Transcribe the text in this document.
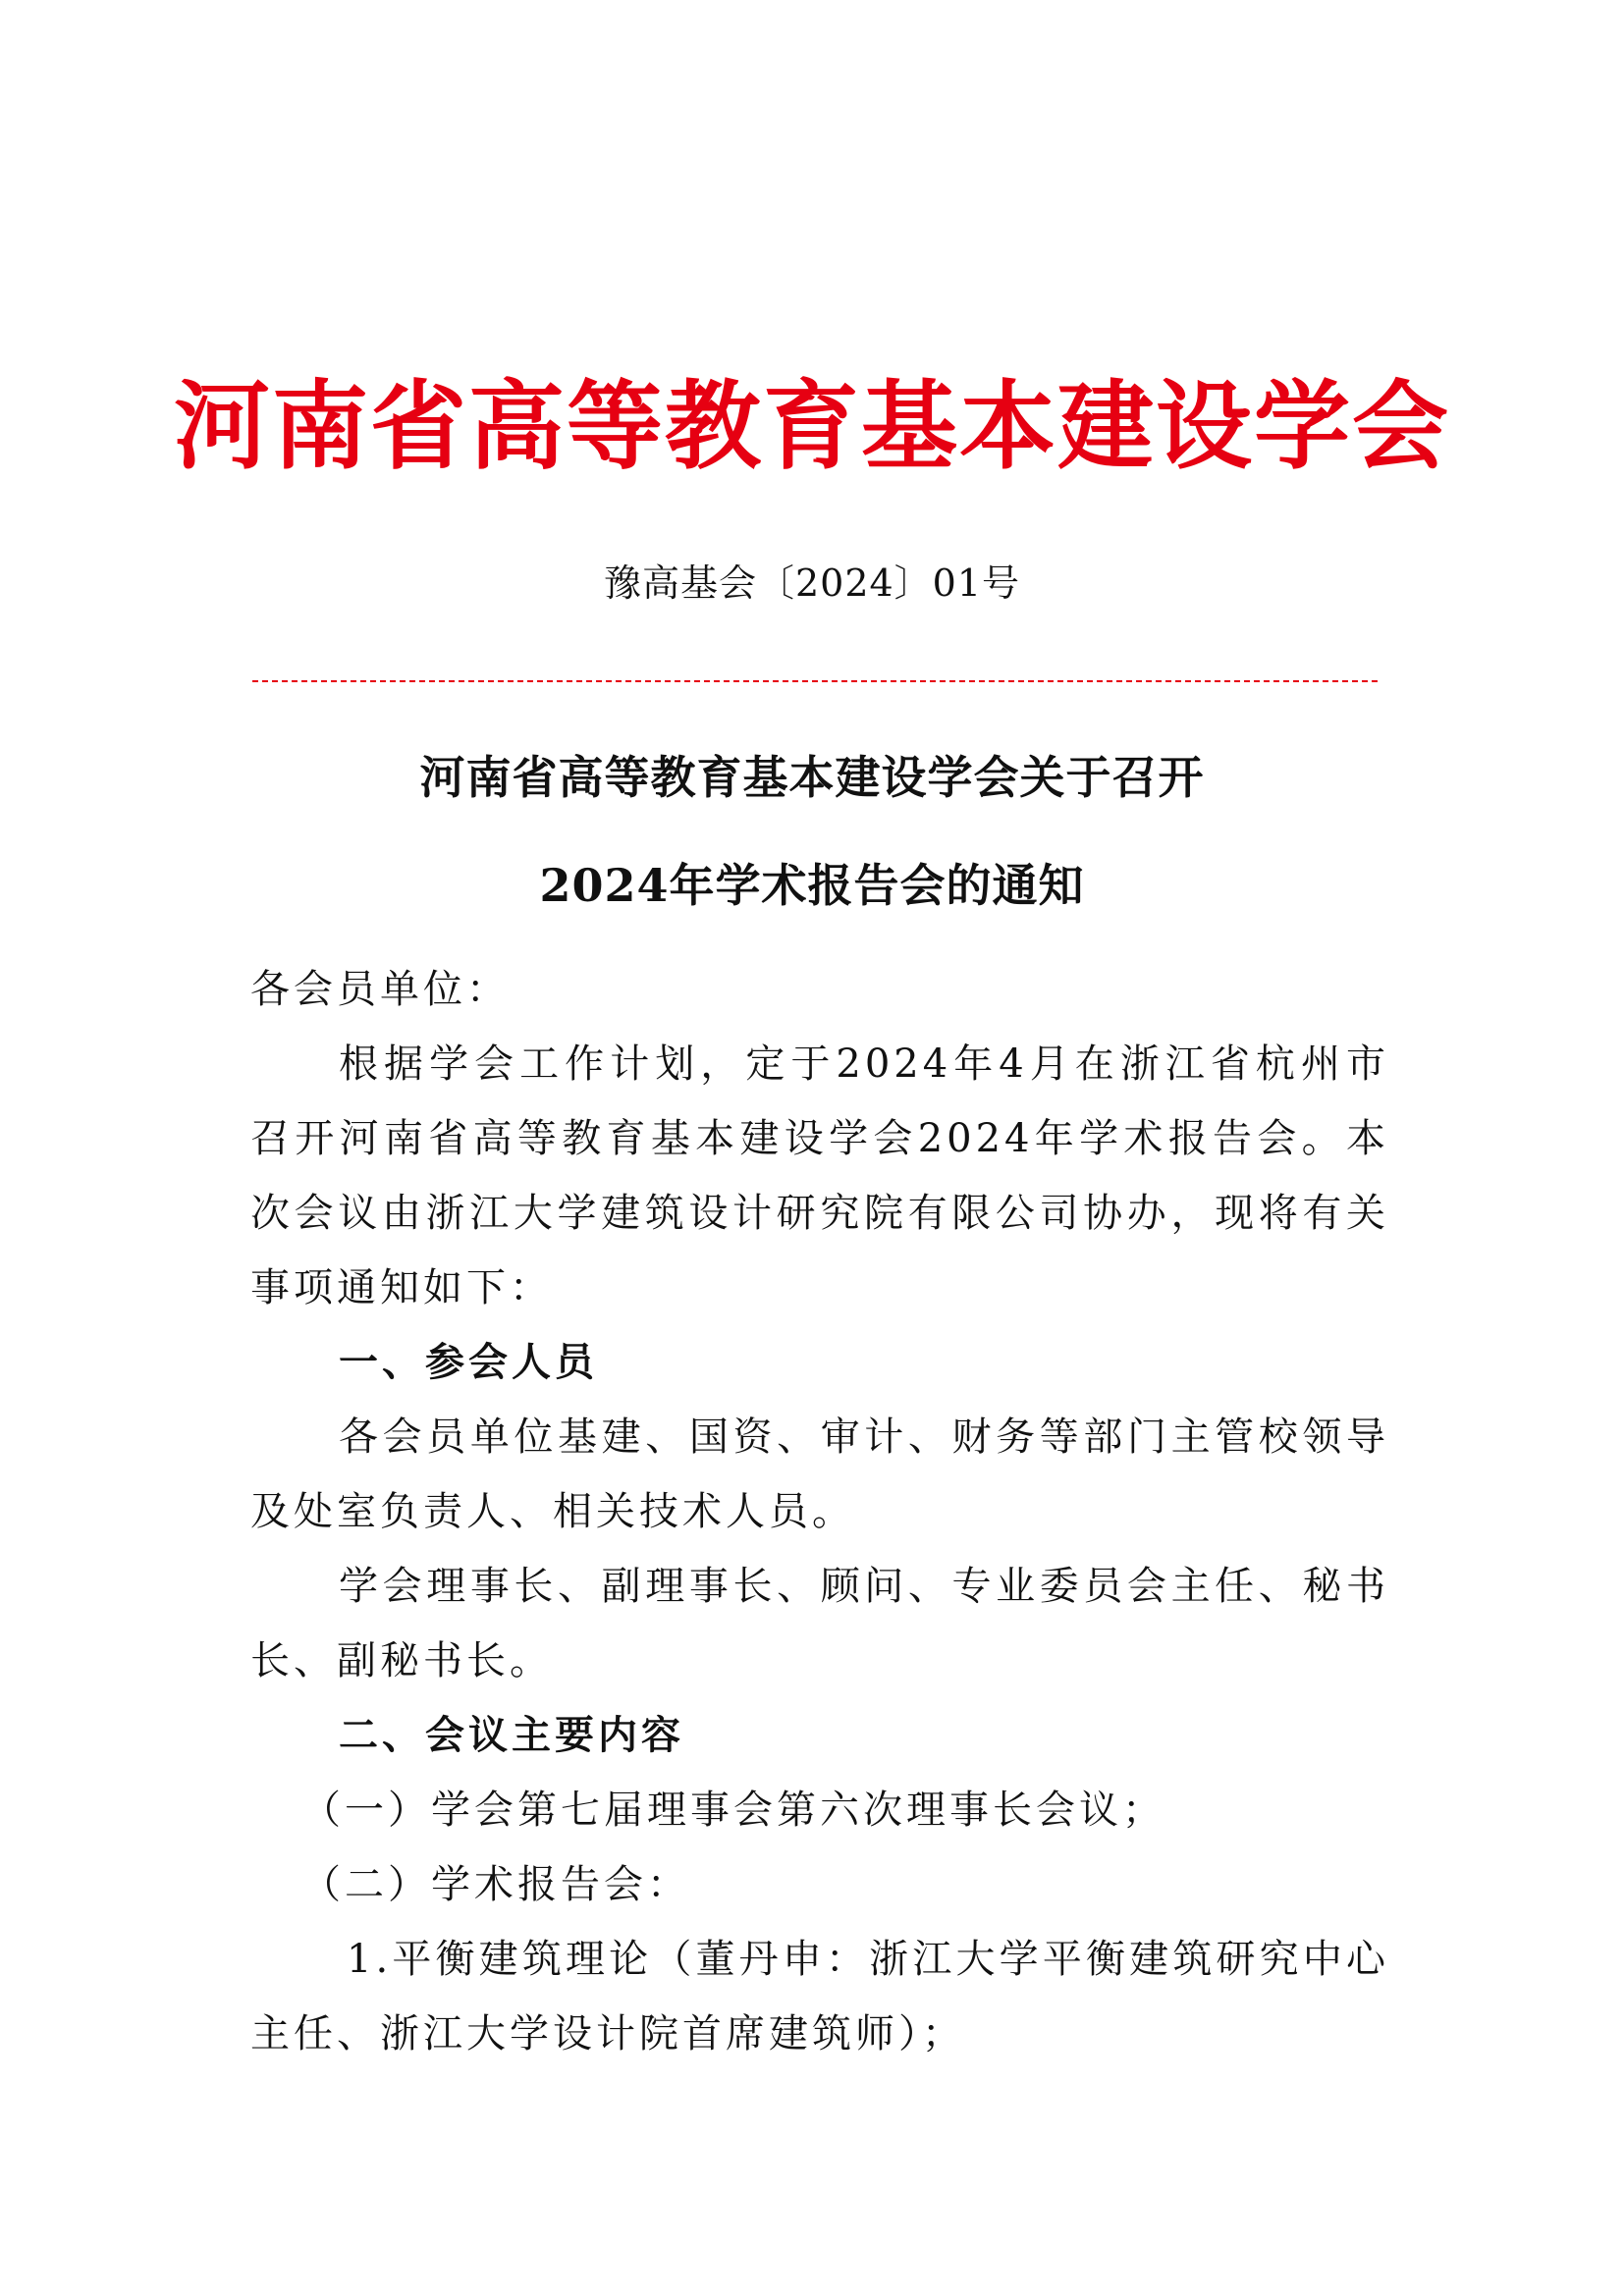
河南省高等教育基本建设学会
豫高基会〔2024〕01号
河南省高等教育基本建设学会关于召开
2024年学术报告会的通知

各会员单位：

根据学会工作计划，定于2024年4月在浙江省杭州市召开河南省高等教育基本建设学会2024年学术报告会。本次会议由浙江大学建筑设计研究院有限公司协办，现将有关事项通知如下：

一、参会人员

各会员单位基建、国资、审计、财务等部门主管校领导及处室负责人、相关技术人员。

学会理事长、副理事长、顾问、专业委员会主任、秘书长、副秘书长。

二、会议主要内容

（一）学会第七届理事会第六次理事长会议；

（二）学术报告会：

1.平衡建筑理论（董丹申：浙江大学平衡建筑研究中心主任、浙江大学设计院首席建筑师）；
